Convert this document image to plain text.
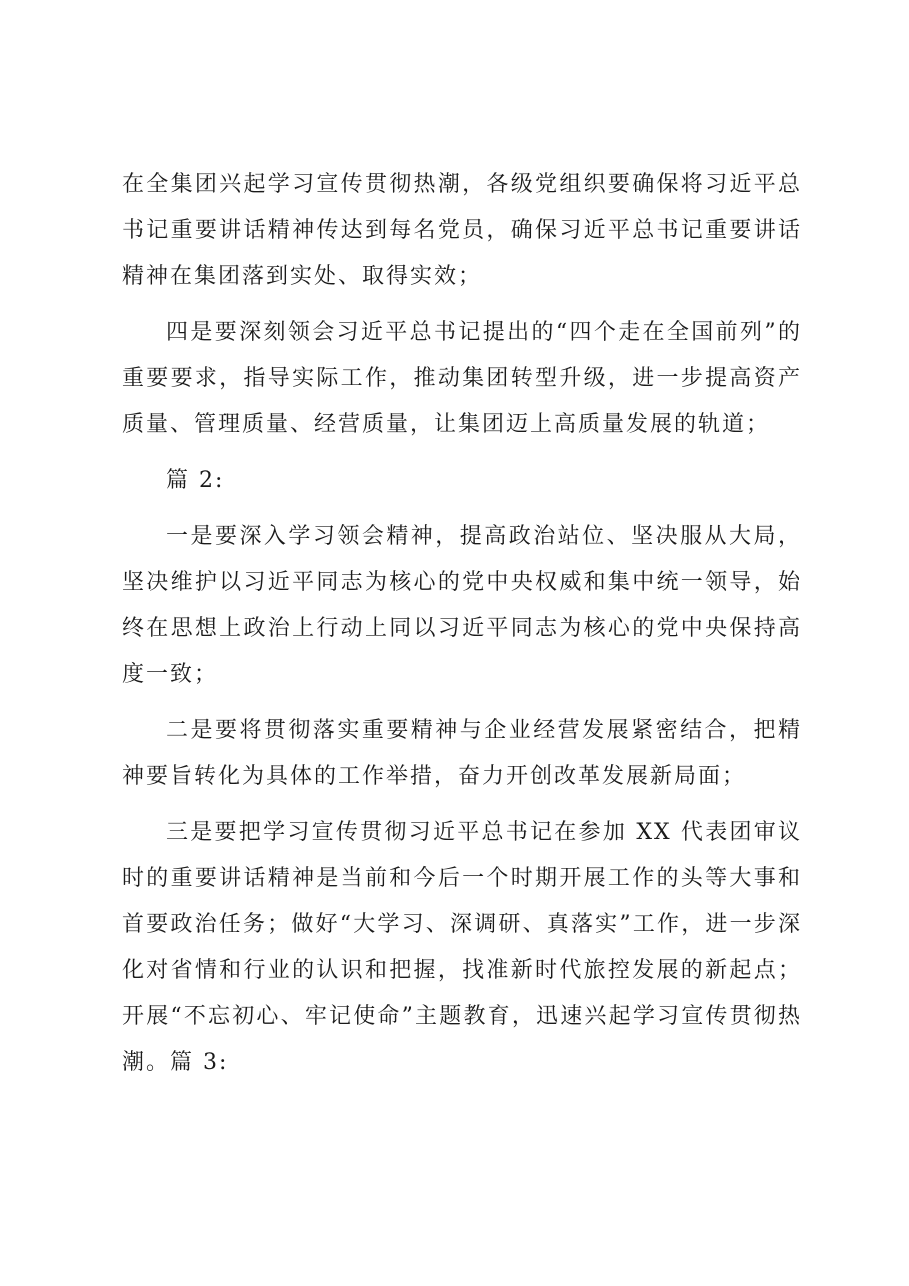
在全集团兴起学习宣传贯彻热潮，各级党组织要确保将习近平总书记重要讲话精神传达到每名党员，确保习近平总书记重要讲话精神在集团落到实处、取得实效；

四是要深刻领会习近平总书记提出的“四个走在全国前列”的重要要求，指导实际工作，推动集团转型升级，进一步提高资产质量、管理质量、经营质量，让集团迈上高质量发展的轨道；

篇 2:

一是要深入学习领会精神，提高政治站位、坚决服从大局，坚决维护以习近平同志为核心的党中央权威和集中统一领导，始终在思想上政治上行动上同以习近平同志为核心的党中央保持高度一致；

二是要将贯彻落实重要精神与企业经营发展紧密结合，把精神要旨转化为具体的工作举措，奋力开创改革发展新局面；

三是要把学习宣传贯彻习近平总书记在参加 XX 代表团审议时的重要讲话精神是当前和今后一个时期开展工作的头等大事和首要政治任务；做好“大学习、深调研、真落实”工作，进一步深化对省情和行业的认识和把握，找准新时代旅控发展的新起点；开展“不忘初心、牢记使命”主题教育，迅速兴起学习宣传贯彻热潮。篇 3:
